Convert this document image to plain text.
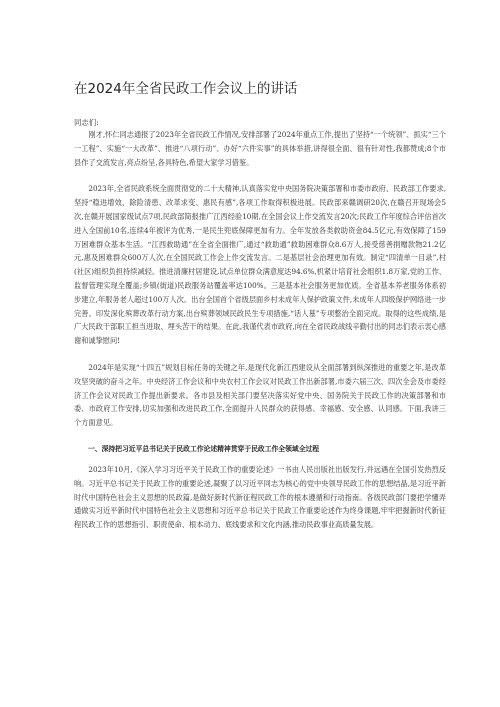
在2024年全省民政工作会议上的讲话

同志们:

刚才,怀仁同志通报了2023年全省民政工作情况,安排部署了2024年重点工作,提出了坚持“一个统领”、抓实“三个一工程”、实施“一大改革”、推进“八项行动”、办好“六件实事”的具体举措,讲得很全面、很有针对性,我都赞成;8个市县作了交流发言,亮点纷呈,各具特色,希望大家学习借鉴。

2023年,全省民政系统全面贯彻党的二十大精神,认真落实党中央国务院决策部署和市委市政府、民政部工作要求,坚持“稳进增效、除险清患、改革求变、惠民有感”,各项工作取得积极进展。民政部来赣调研20次,在赣召开现场会5次,在赣开展国家级试点7项,民政部简报推广江西经验10期,在全国会议上作交流发言20次;民政工作年度综合评估首次进入全国前10名,连续4年被评为优秀,一是民生兜底保障更加有力。全年发放各类救助资金84.5亿元,有效保障了159万困难群众基本生活。“江西救助通”在全省全面推广,通过“救助通”救助困难群众8.6万人,接受慈善捐赠款物21.2亿元,惠及困难群众600万人次,在全国民政工作会上作交流发言。二是基层社会治理更加有效。制定“四清单一目录”,村(社区)组织负担持续减轻。推进清廉村居建设,试点单位群众满意度达94.6%,机紧计培育社会组织1.8万家,党的工作、监督管理实现全覆盖;乡镇(街道)民政服务站覆盖率达100%。三是基本社会服务更加优质。全省基本养老服务体系初步建立,年服务老人超过100万人次。出台全国首个省级层面乡村未成年人保护政策文件,未成年人四级保护网络进一步完善。印发深化殡葬改革行动方案,出台殡葬领域民政民生专项措施,“话人墓”专项整治全面完成。取得的这些成绩,是广大民政干部职工担当进取、埋头苦干的结果。在此,我谨代表市政府,向在全省民政战线辛勤付出的同志们表示衷心感谢和诚挚慰问!

2024年是实现“十四五”规划目标任务的关键之年,是现代化新江西建设从全面部署到纵深推进的重要之年,是改革攻坚突破的奋斗之年。中央经济工作会议和中央农村工作会议对民政工作出新部署,市委六届三次、四次全会及市委经济工作会议对民政工作提出新要求。各市县及相关部门要坚决落实好党中央、国务院关于民政工作的决策部署和市委、市政府工作安排,切实加强和改进民政工作,全面提升人民群众的获得感、幸福感、安全感、认同感。下面,我讲三个方面意见。

一、深持把习近平总书记关于民政工作论述精神贯穿于民政工作全领域全过程

2023年10月,《深入学习习近平关于民政工作的重要论述》一书由人民出版社出版发行,并远遇在全国引发热烈反响。习近平总书记关于民政工作的重要论述,凝聚了以习近平同志为核心的党中央领导民政工作的思想结晶,是习近平新时代中国特色社会主义思想的民政篇,是做好新时代新征程民政工作的根本遵循和行动指南。各级民政部门要把学懂弄通做实习近平新时代中国特色社会主义思想和习近平总书记关于民政工作重要论述作为终身课题,牢牢把握新时代新征程民政工作的思想指引、职责使命、根本动力、底线要求和文化内涵,推动民政事业高质量发展。
